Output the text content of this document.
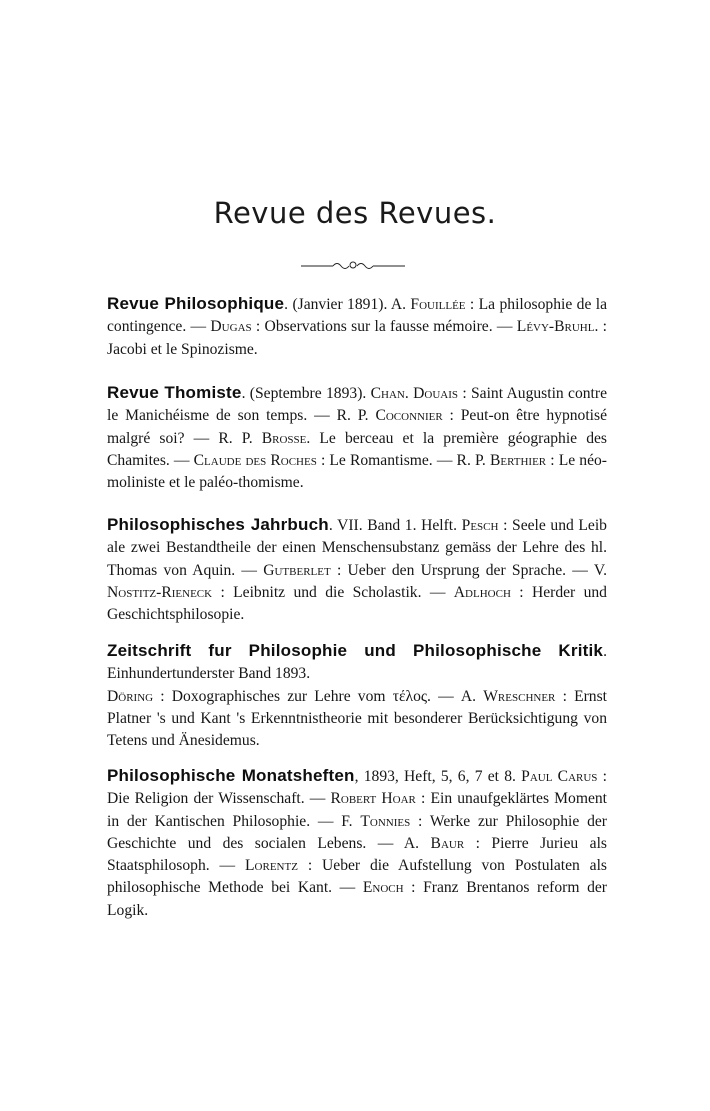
Revue des Revues.

Revue Philosophique. (Janvier 1891). A. Fouillée : La philosophie de la contingence. — Dugas : Observations sur la fausse mémoire. — Lévy-Bruhl. : Jacobi et le Spinozisme.

Revue Thomiste. (Septembre 1893). Chan. Douais : Saint Augustin contre le Manichéisme de son temps. — R. P. Coconnier : Peut-on être hypnotisé malgré soi? — R. P. Brosse. Le berceau et la première géographie des Chamites. — Claude des Roches : Le Romantisme. — R. P. Berthier : Le néo-moliniste et le paléo-thomisme.

Philosophisches Jahrbuch. VII. Band 1. Helft. Pesch : Seele und Leib ale zwei Bestandtheile der einen Menschensubstanz gemäss der Lehre des hl. Thomas von Aquin. — Gutberlet : Ueber den Ursprung der Sprache. — V. Nostitz-Rieneck : Leibnitz und die Scholastik. — Adlhoch : Herder und Geschichtsphilosopie.

Zeitschrift fur Philosophie und Philosophische Kritik. Einhundertunderster Band 1893.

Döring : Doxographisches zur Lehre vom τέλος. — A. Wreschner : Ernst Platner 's und Kant 's Erkenntnistheorie mit besonderer Berücksichtigung von Tetens und Änesidemus.

Philosophische Monatsheften, 1893, Heft, 5, 6, 7 et 8. Paul Carus : Die Religion der Wissenschaft. — Robert Hoar : Ein unaufgeklärtes Moment in der Kantischen Philosophie. — F. Tonnies : Werke zur Philosophie der Geschichte und des socialen Lebens. — A. Baur : Pierre Jurieu als Staatsphilosoph. — Lorentz : Ueber die Aufstellung von Postulaten als philosophische Methode bei Kant. — Enoch : Franz Brentanos reform der Logik.
